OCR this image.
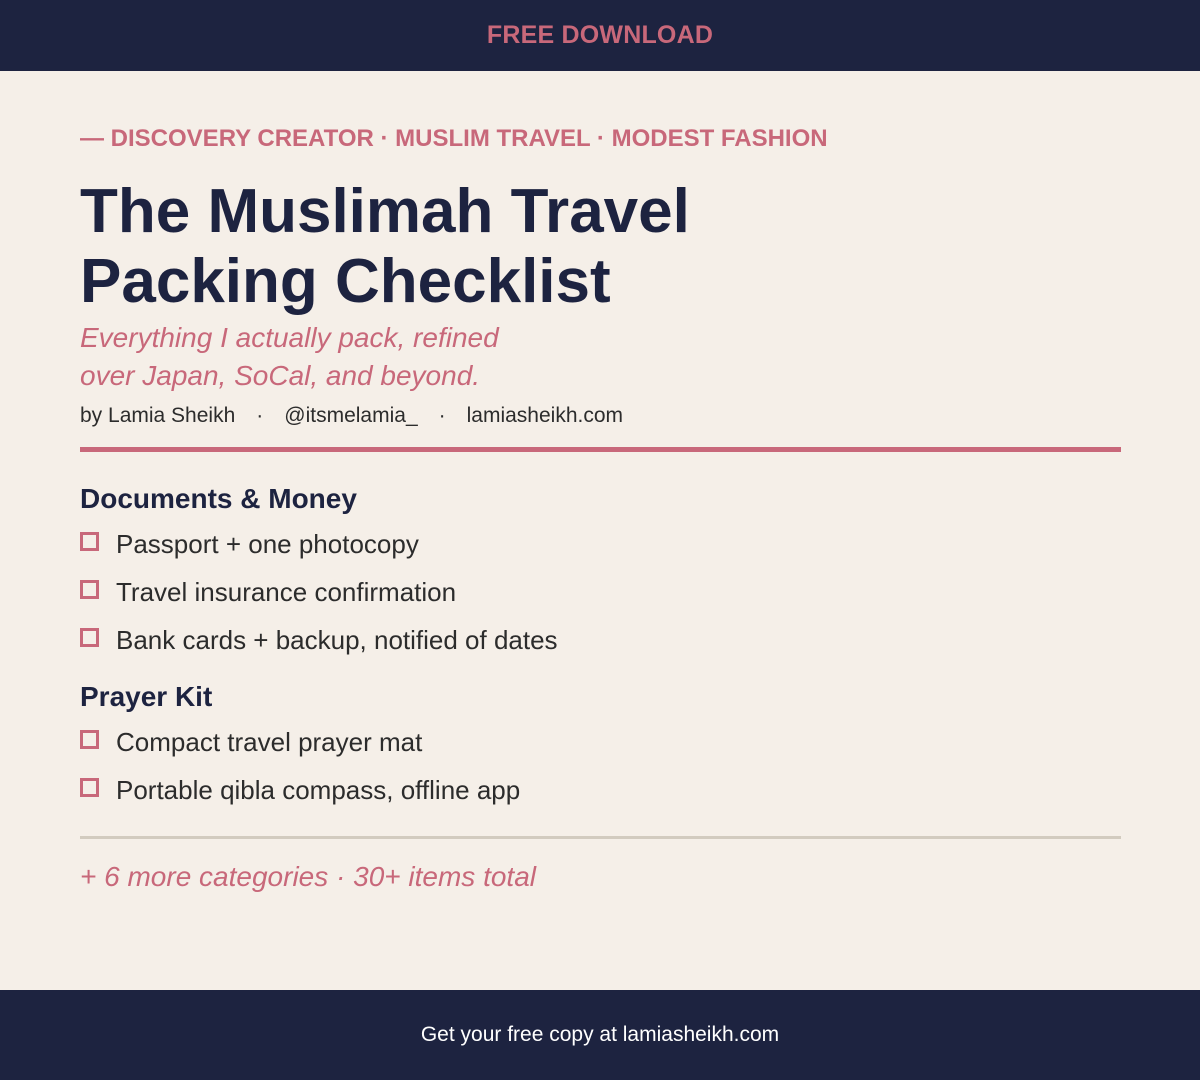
FREE DOWNLOAD
— DISCOVERY CREATOR · MUSLIM TRAVEL · MODEST FASHION
The Muslimah Travel
Packing Checklist
Everything I actually pack, refined
over Japan, SoCal, and beyond.
by Lamia Sheikh · @itsmelamia_ · lamiasheikh.com
Documents & Money
Passport + one photocopy
Travel insurance confirmation
Bank cards + backup, notified of dates
Prayer Kit
Compact travel prayer mat
Portable qibla compass, offline app
+ 6 more categories · 30+ items total
Get your free copy at lamiasheikh.com
